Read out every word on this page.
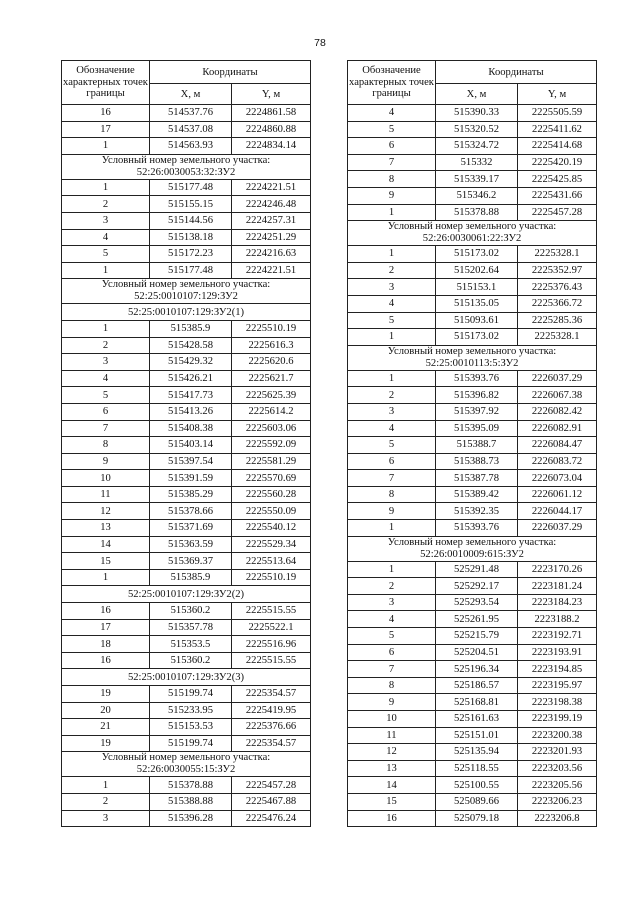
78
Обозначение характерных точек границы	Координаты	
	X, м	Y, м
16	514537.76	2224861.58
17	514537.08	2224860.88
1	514563.93	2224834.14
Условный номер земельного участка: 52:26:0030053:32:ЗУ2		
1	515177.48	2224221.51
2	515155.15	2224246.48
3	515144.56	2224257.31
4	515138.18	2224251.29
5	515172.23	2224216.63
1	515177.48	2224221.51
Условный номер земельного участка: 52:25:0010107:129:ЗУ2		
52:25:0010107:129:ЗУ2(1)		
1	515385.9	2225510.19
2	515428.58	2225616.3
3	515429.32	2225620.6
4	515426.21	2225621.7
5	515417.73	2225625.39
6	515413.26	2225614.2
7	515408.38	2225603.06
8	515403.14	2225592.09
9	515397.54	2225581.29
10	515391.59	2225570.69
11	515385.29	2225560.28
12	515378.66	2225550.09
13	515371.69	2225540.12
14	515363.59	2225529.34
15	515369.37	2225513.64
1	515385.9	2225510.19
52:25:0010107:129:ЗУ2(2)		
16	515360.2	2225515.55
17	515357.78	2225522.1
18	515353.5	2225516.96
16	515360.2	2225515.55
52:25:0010107:129:ЗУ2(3)		
19	515199.74	2225354.57
20	515233.95	2225419.95
21	515153.53	2225376.66
19	515199.74	2225354.57
Условный номер земельного участка: 52:26:0030055:15:ЗУ2		
1	515378.88	2225457.28
2	515388.88	2225467.88
3	515396.28	2225476.24
Обозначение характерных точек границы	Координаты	
	X, м	Y, м
4	515390.33	2225505.59
5	515320.52	2225411.62
6	515324.72	2225414.68
7	515332	2225420.19
8	515339.17	2225425.85
9	515346.2	2225431.66
1	515378.88	2225457.28
Условный номер земельного участка: 52:26:0030061:22:ЗУ2		
1	515173.02	2225328.1
2	515202.64	2225352.97
3	515153.1	2225376.43
4	515135.05	2225366.72
5	515093.61	2225285.36
1	515173.02	2225328.1
Условный номер земельного участка: 52:25:0010113:5:ЗУ2		
1	515393.76	2226037.29
2	515396.82	2226067.38
3	515397.92	2226082.42
4	515395.09	2226082.91
5	515388.7	2226084.47
6	515388.73	2226083.72
7	515387.78	2226073.04
8	515389.42	2226061.12
9	515392.35	2226044.17
1	515393.76	2226037.29
Условный номер земельного участка: 52:26:0010009:615:ЗУ2		
1	525291.48	2223170.26
2	525292.17	2223181.24
3	525293.54	2223184.23
4	525261.95	2223188.2
5	525215.79	2223192.71
6	525204.51	2223193.91
7	525196.34	2223194.85
8	525186.57	2223195.97
9	525168.81	2223198.38
10	525161.63	2223199.19
11	525151.01	2223200.38
12	525135.94	2223201.93
13	525118.55	2223203.56
14	525100.55	2223205.56
15	525089.66	2223206.23
16	525079.18	2223206.8
